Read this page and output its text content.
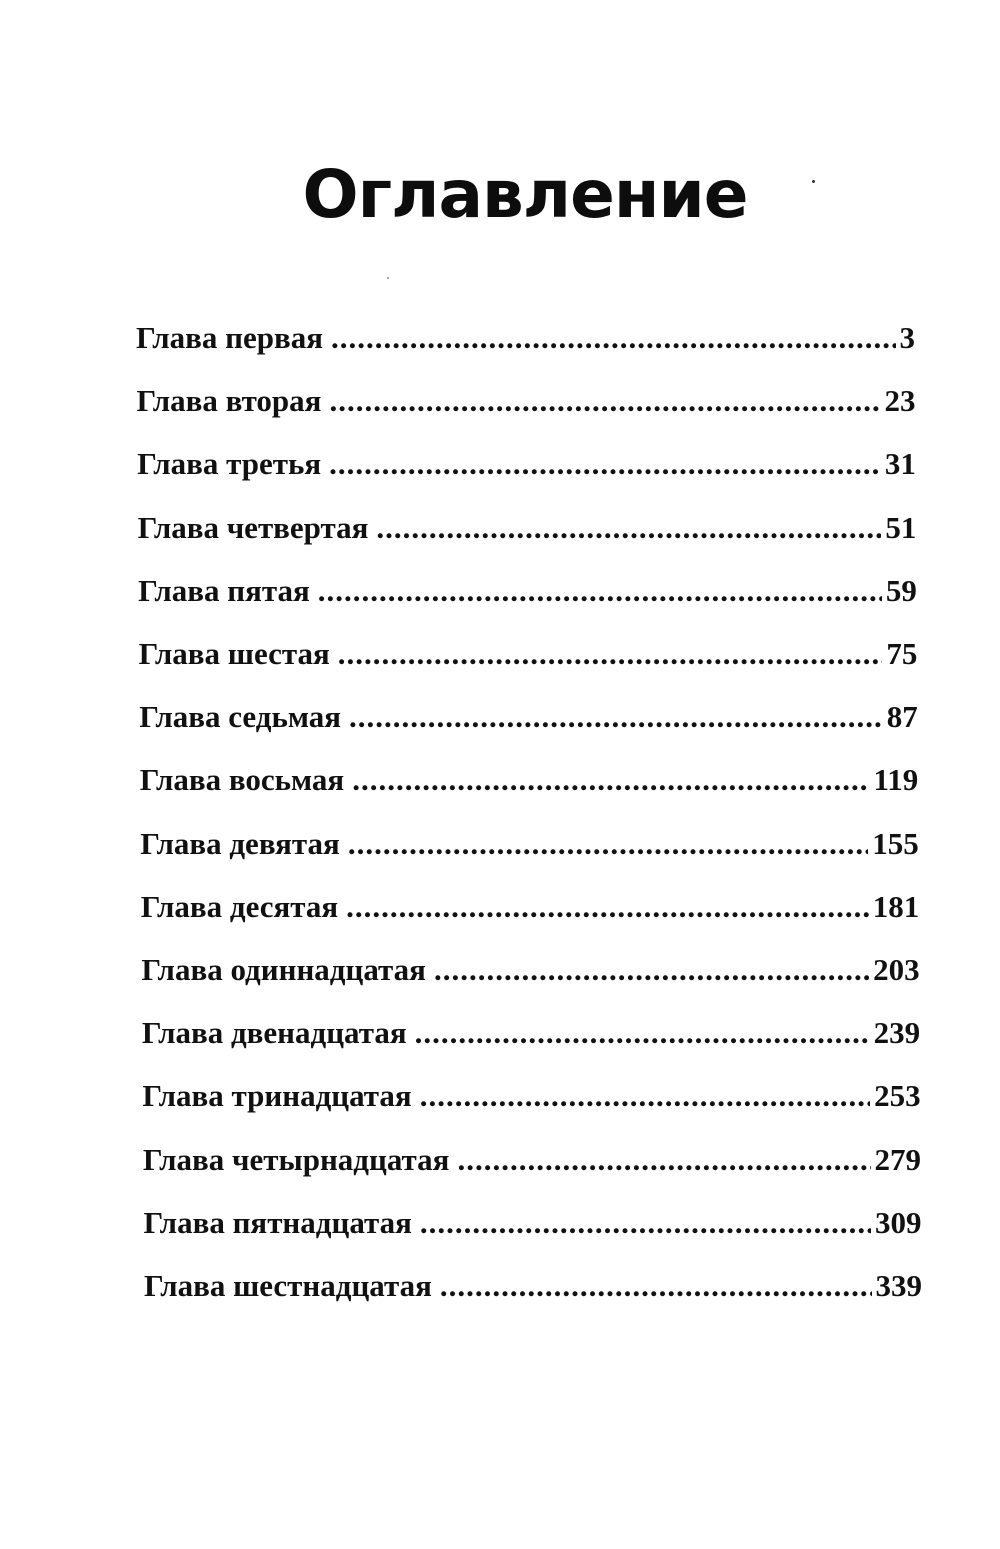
Оглавление
Глава первая .....	3
Глава вторая .....	23
Глава третья .....	31
Глава четвертая .....	51
Глава пятая .....	59
Глава шестая .....	75
Глава седьмая .....	87
Глава восьмая .....	119
Глава девятая .....	155
Глава десятая .....	181
Глава одиннадцатая .....	203
Глава двенадцатая .....	239
Глава тринадцатая .....	253
Глава четырнадцатая .....	279
Глава пятнадцатая .....	309
Глава шестнадцатая .....	339
